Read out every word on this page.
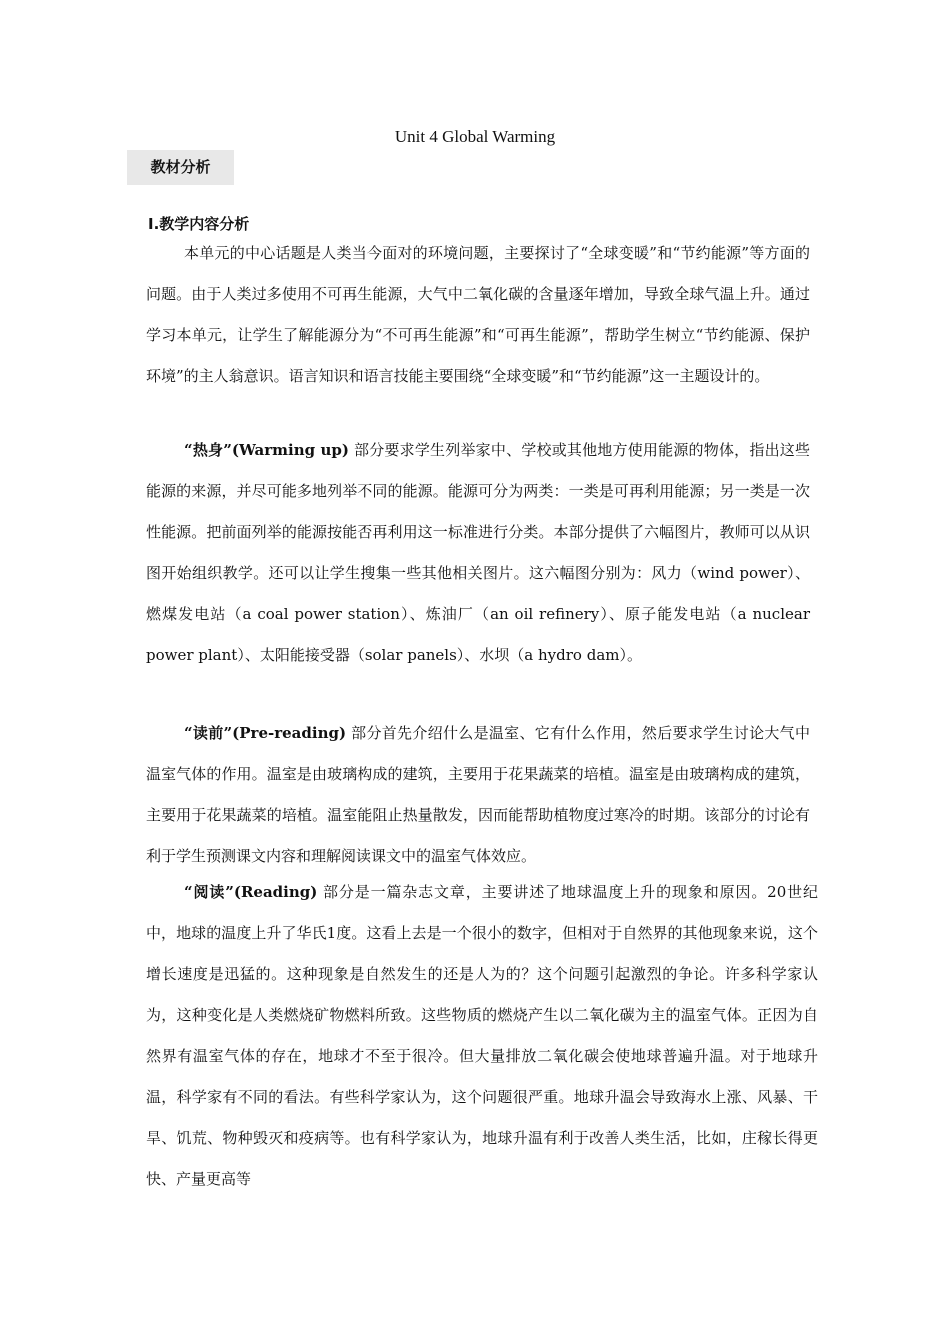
Unit 4 Global Warming
教材分析
Ⅰ.教学内容分析
本单元的中心话题是人类当今面对的环境问题，主要探讨了“全球变暖”和“节约能源”等方面的问题。由于人类过多使用不可再生能源，大气中二氧化碳的含量逐年增加，导致全球气温上升。通过学习本单元，让学生了解能源分为“不可再生能源”和“可再生能源”，帮助学生树立“节约能源、保护环境”的主人翁意识。语言知识和语言技能主要围绕“全球变暖”和“节约能源”这一主题设计的。
“热身”(Warming up) 部分要求学生列举家中、学校或其他地方使用能源的物体，指出这些能源的来源，并尽可能多地列举不同的能源。能源可分为两类：一类是可再利用能源；另一类是一次性能源。把前面列举的能源按能否再利用这一标准进行分类。本部分提供了六幅图片，教师可以从识图开始组织教学。还可以让学生搜集一些其他相关图片。这六幅图分别为：风力（wind power）、燃煤发电站（a coal power station）、炼油厂（an oil refinery）、原子能发电站（a nuclear power plant）、太阳能接受器（solar panels）、水坝（a hydro dam）。
“读前”(Pre-reading) 部分首先介绍什么是温室、它有什么作用，然后要求学生讨论大气中温室气体的作用。温室是由玻璃构成的建筑，主要用于花果蔬菜的培植。温室是由玻璃构成的建筑，主要用于花果蔬菜的培植。温室能阻止热量散发，因而能帮助植物度过寒冷的时期。该部分的讨论有利于学生预测课文内容和理解阅读课文中的温室气体效应。
“阅读”(Reading) 部分是一篇杂志文章，主要讲述了地球温度上升的现象和原因。20世纪中，地球的温度上升了华氏1度。这看上去是一个很小的数字，但相对于自然界的其他现象来说，这个增长速度是迅猛的。这种现象是自然发生的还是人为的？这个问题引起激烈的争论。许多科学家认为，这种变化是人类燃烧矿物燃料所致。这些物质的燃烧产生以二氧化碳为主的温室气体。正因为自然界有温室气体的存在，地球才不至于很冷。但大量排放二氧化碳会使地球普遍升温。对于地球升温，科学家有不同的看法。有些科学家认为，这个问题很严重。地球升温会导致海水上涨、风暴、干旱、饥荒、物种毁灭和疫病等。也有科学家认为，地球升温有利于改善人类生活，比如，庄稼长得更快、产量更高等
